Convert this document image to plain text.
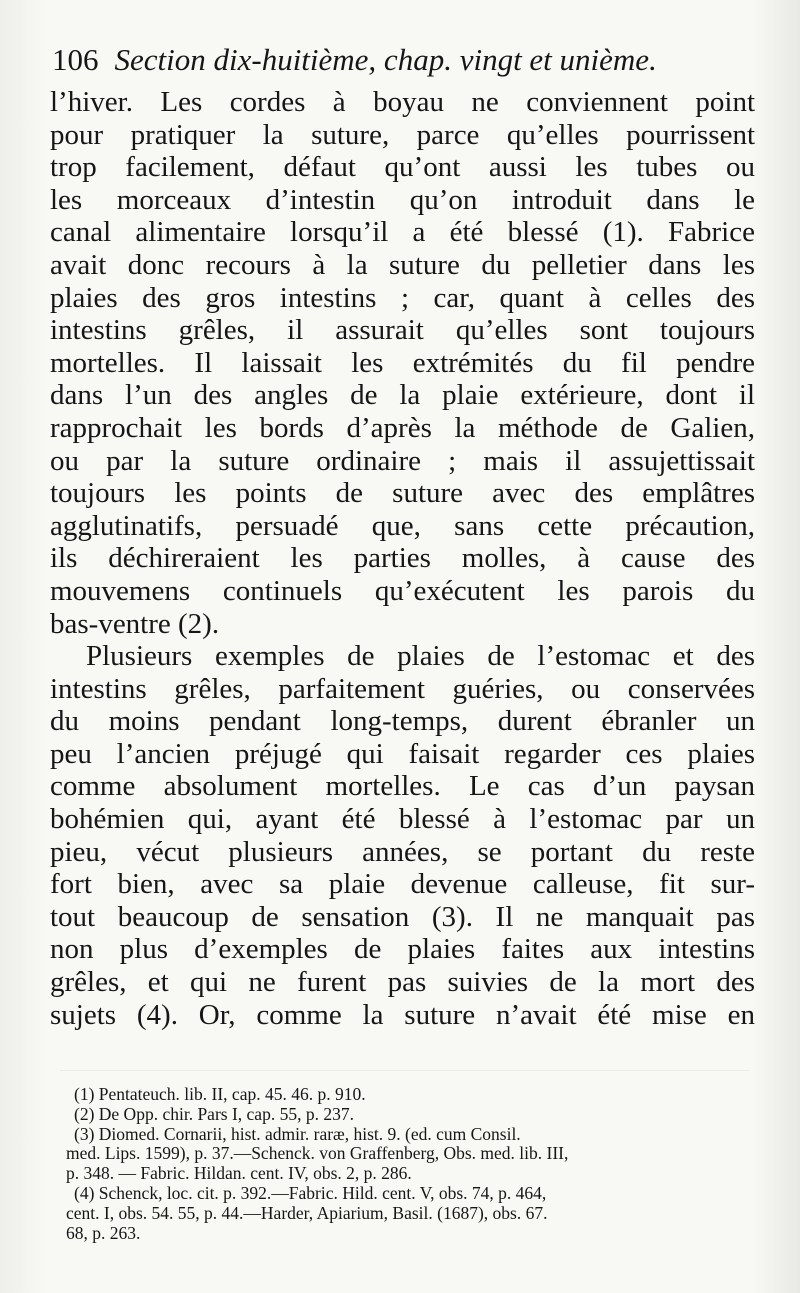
106 Section dix-huitième, chap. vingt et unième.
l’hiver. Les cordes à boyau ne conviennent point
pour pratiquer la suture, parce qu’elles pourrissent
trop facilement, défaut qu’ont aussi les tubes ou
les morceaux d’intestin qu’on introduit dans le
canal alimentaire lorsqu’il a été blessé (1). Fabrice
avait donc recours à la suture du pelletier dans les
plaies des gros intestins ; car, quant à celles des
intestins grêles, il assurait qu’elles sont toujours
mortelles. Il laissait les extrémités du fil pendre
dans l’un des angles de la plaie extérieure, dont il
rapprochait les bords d’après la méthode de Galien,
ou par la suture ordinaire ; mais il assujettissait
toujours les points de suture avec des emplâtres
agglutinatifs, persuadé que, sans cette précaution,
ils déchireraient les parties molles, à cause des
mouvemens continuels qu’exécutent les parois du
bas-ventre (2).
Plusieurs exemples de plaies de l’estomac et des
intestins grêles, parfaitement guéries, ou conservées
du moins pendant long-temps, durent ébranler un
peu l’ancien préjugé qui faisait regarder ces plaies
comme absolument mortelles. Le cas d’un paysan
bohémien qui, ayant été blessé à l’estomac par un
pieu, vécut plusieurs années, se portant du reste
fort bien, avec sa plaie devenue calleuse, fit sur-
tout beaucoup de sensation (3). Il ne manquait pas
non plus d’exemples de plaies faites aux intestins
grêles, et qui ne furent pas suivies de la mort des
sujets (4). Or, comme la suture n’avait été mise en
(1) Pentateuch. lib. II, cap. 45. 46. p. 910.
(2) De Opp. chir. Pars I, cap. 55, p. 237.
(3) Diomed. Cornarii, hist. admir. raræ, hist. 9. (ed. cum Consil.
med. Lips. 1599), p. 37.—Schenck. von Graffenberg, Obs. med. lib. III,
p. 348. — Fabric. Hildan. cent. IV, obs. 2, p. 286.
(4) Schenck, loc. cit. p. 392.—Fabric. Hild. cent. V, obs. 74, p. 464,
cent. I, obs. 54. 55, p. 44.—Harder, Apiarium, Basil. (1687), obs. 67.
68, p. 263.
